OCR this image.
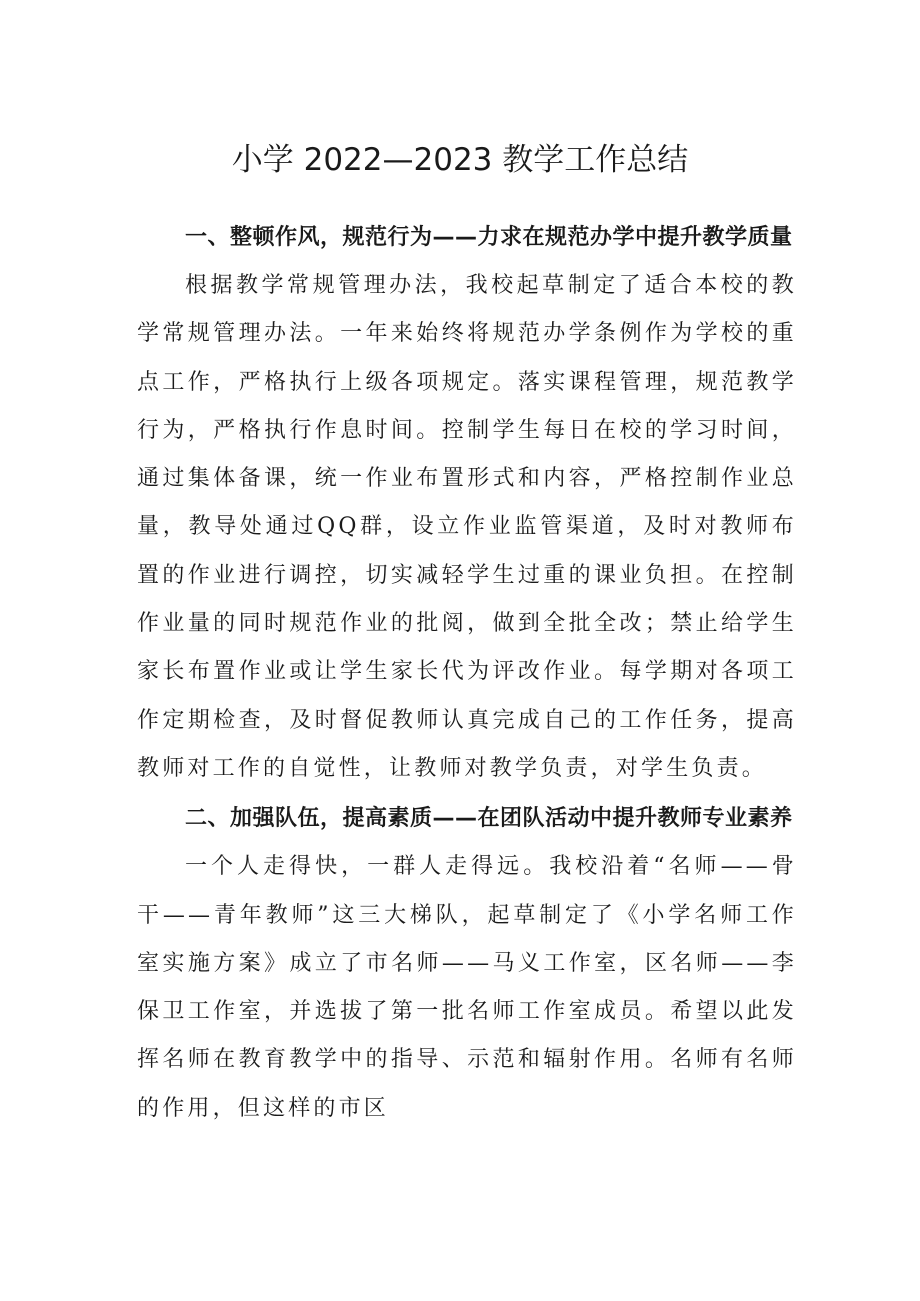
小学 2022—2023 教学工作总结

一、整顿作风，规范行为——力求在规范办学中提升教学质量

根据教学常规管理办法，我校起草制定了适合本校的教学常规管理办法。一年来始终将规范办学条例作为学校的重点工作，严格执行上级各项规定。落实课程管理，规范教学行为，严格执行作息时间。控制学生每日在校的学习时间，通过集体备课，统一作业布置形式和内容，严格控制作业总量，教导处通过QQ群，设立作业监管渠道，及时对教师布置的作业进行调控，切实减轻学生过重的课业负担。在控制作业量的同时规范作业的批阅，做到全批全改；禁止给学生家长布置作业或让学生家长代为评改作业。每学期对各项工作定期检查，及时督促教师认真完成自己的工作任务，提高教师对工作的自觉性，让教师对教学负责，对学生负责。

二、加强队伍，提高素质——在团队活动中提升教师专业素养

一个人走得快，一群人走得远。我校沿着“名师——骨干——青年教师”这三大梯队，起草制定了《小学名师工作室实施方案》成立了市名师——马义工作室，区名师——李保卫工作室，并选拔了第一批名师工作室成员。希望以此发挥名师在教育教学中的指导、示范和辐射作用。名师有名师的作用，但这样的市区
